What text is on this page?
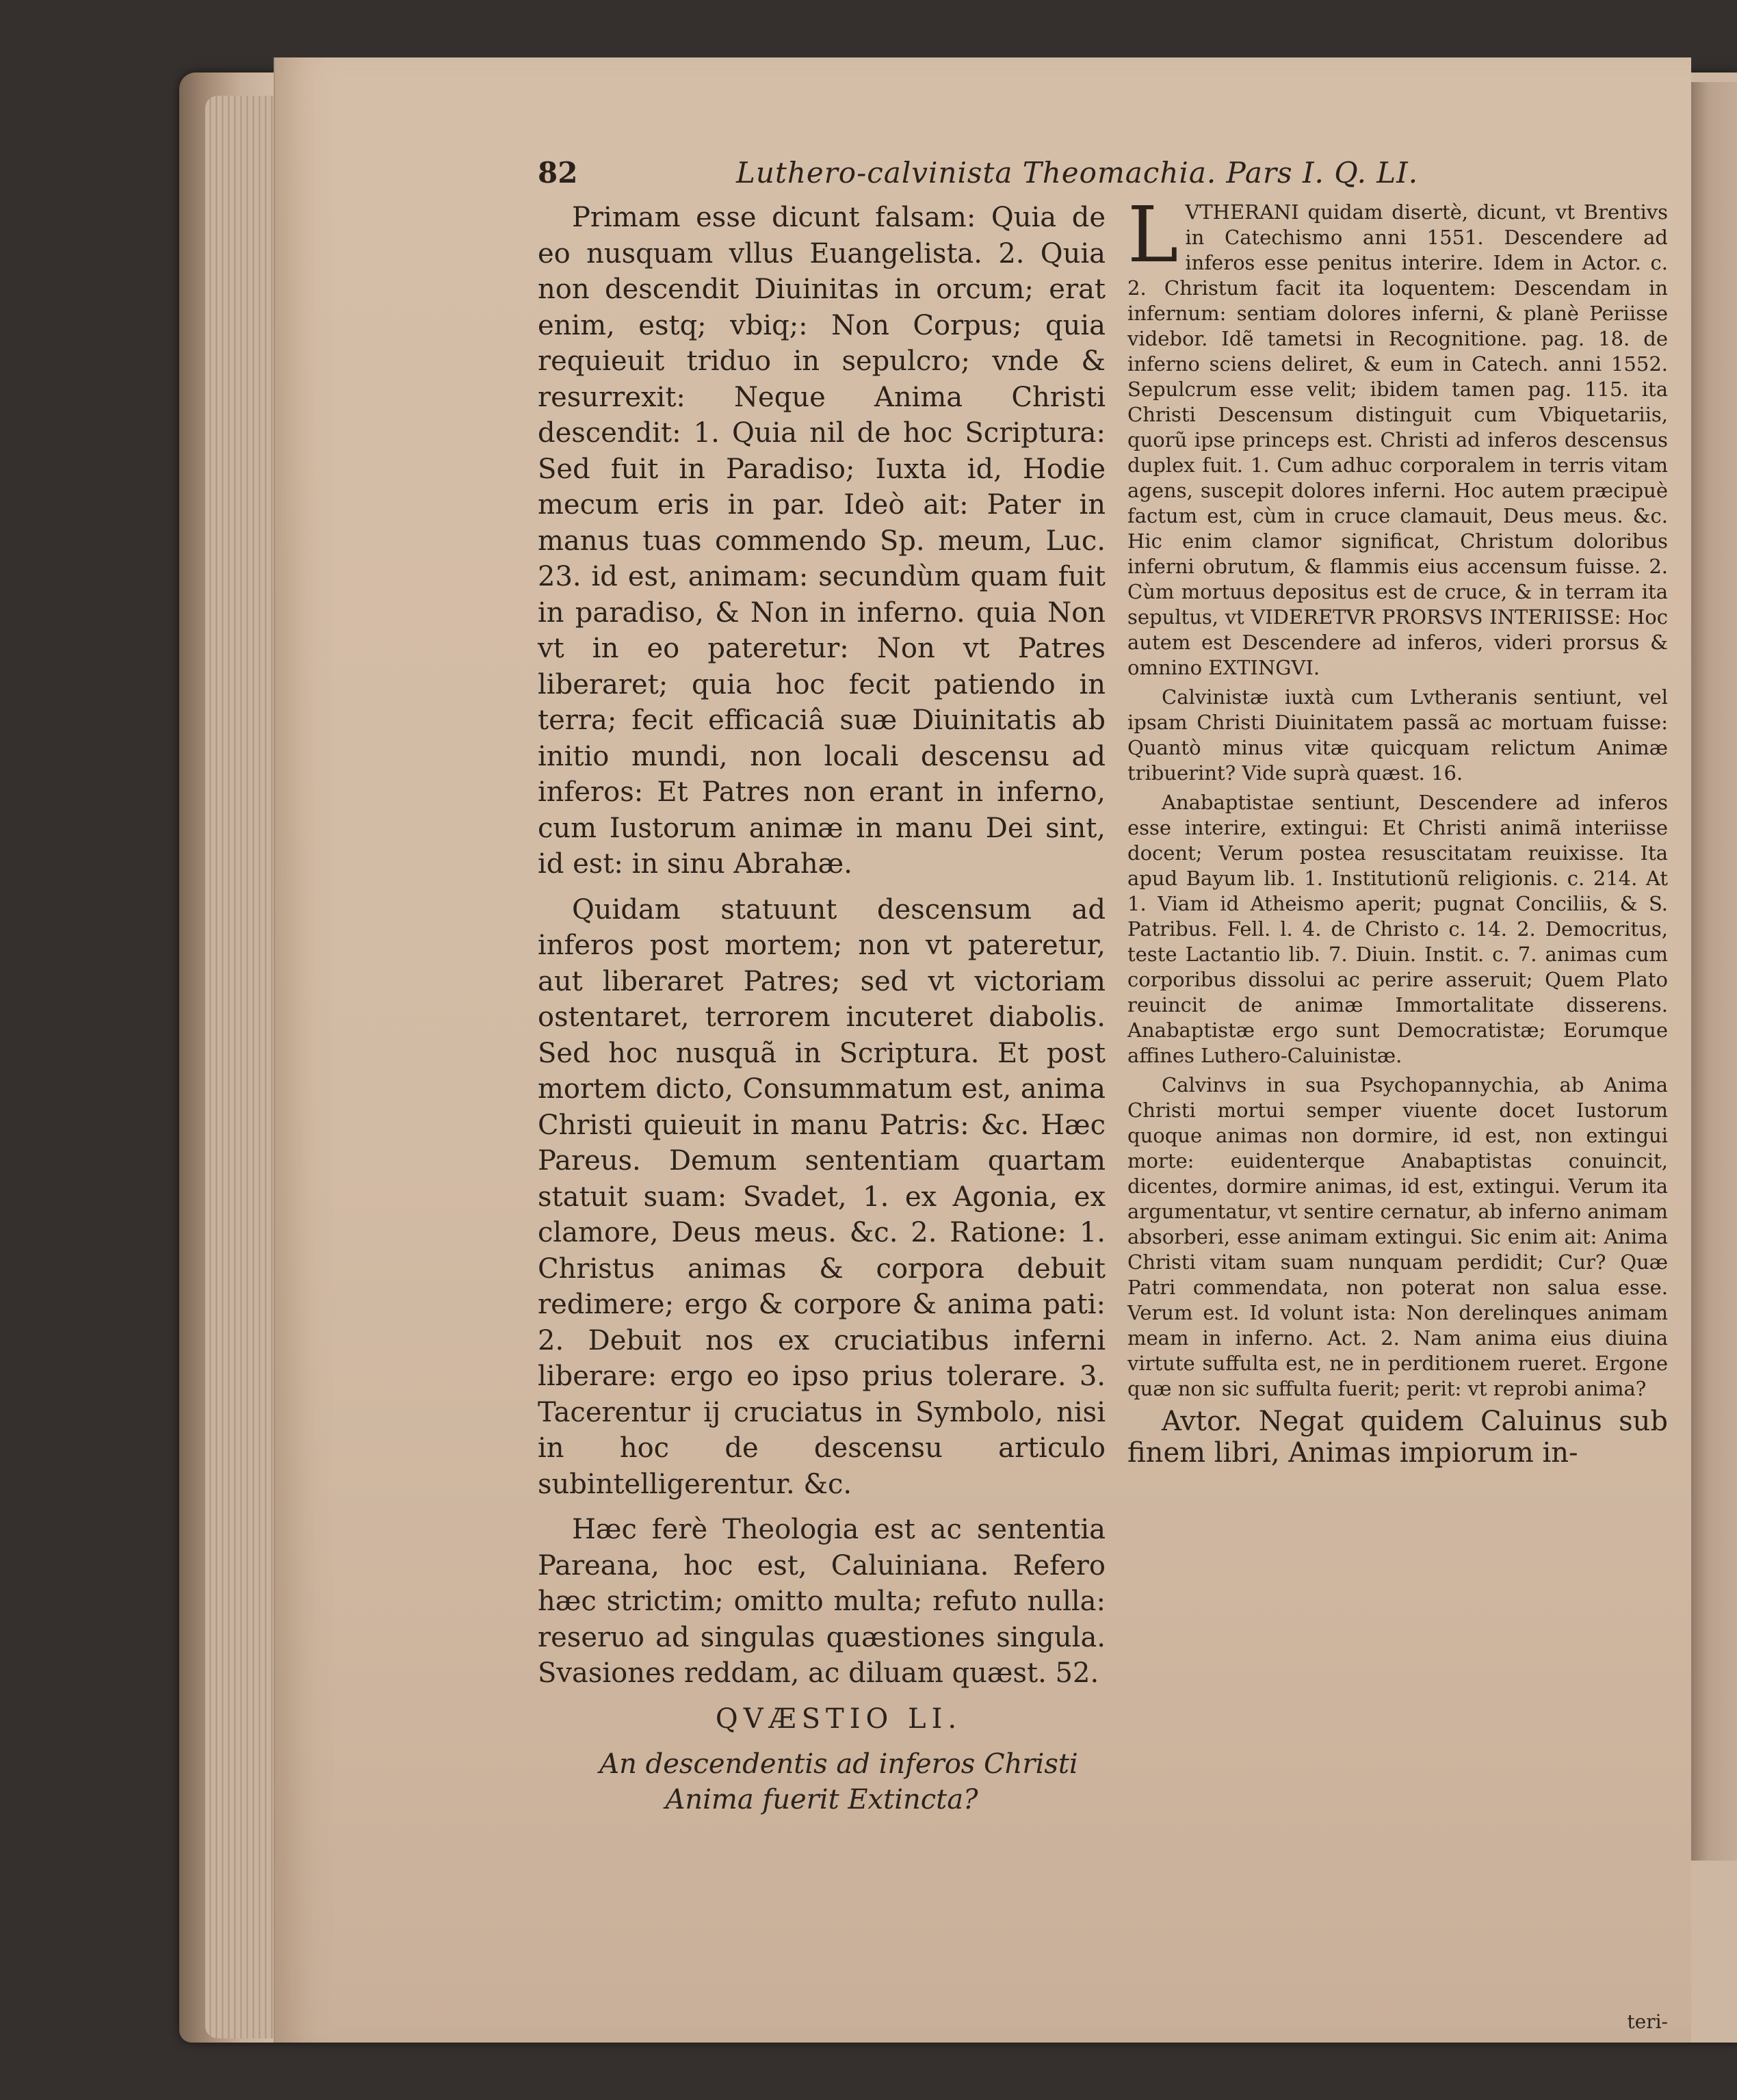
82	Luthero-calvinista Theomachia. Pars I. Q. LI.

Primam esse dicunt falsam: Quia de eo nusquam vllus Euangelista. 2. Quia non descendit Diuinitas in orcum; erat enim, estq; vbiq;: Non Corpus; quia requieuit triduo in sepulcro; vnde & resurrexit: Neque Anima Christi descendit: 1. Quia nil de hoc Scriptura: Sed fuit in Paradiso; Iuxta id, Hodie mecum eris in par. Ideò ait: Pater in manus tuas commendo Sp. meum, Luc. 23. id est, animam: secundùm quam fuit in paradiso, & Non in inferno. quia Non vt in eo pateretur: Non vt Patres liberaret; quia hoc fecit patiendo in terra; fecit efficaciâ suæ Diuinitatis ab initio mundi, non locali descensu ad inferos: Et Patres non erant in inferno, cum Iustorum animæ in manu Dei sint, id est: in sinu Abrahæ.

Quidam statuunt descensum ad inferos post mortem; non vt pateretur, aut liberaret Patres; sed vt victoriam ostentaret, terrorem incuteret diabolis. Sed hoc nusquã in Scriptura. Et post mortem dicto, Consummatum est, anima Christi quieuit in manu Patris: &c. Hæc Pareus. Demum sententiam quartam statuit suam: Svadet, 1. ex Agonia, ex clamore, Deus meus. &c. 2. Ratione: 1. Christus animas & corpora debuit redimere; ergo & corpore & anima pati: 2. Debuit nos ex cruciatibus inferni liberare: ergo eo ipso prius tolerare. 3. Tacerentur ij cruciatus in Symbolo, nisi in hoc de descensu articulo subintelligerentur. &c.

Hæc ferè Theologia est ac sententia Pareana, hoc est, Caluiniana. Refero hæc strictim; omitto multa; refuto nulla: reseruo ad singulas quæstiones singula. Svasiones reddam, ac diluam quæst. 52.

QVÆSTIO LI.

An descendentis ad inferos Christi Anima fuerit Extincta?

LVTHERANI quidam disertè, dicunt, vt Brentivs in Catechismo anni 1551. Descendere ad inferos esse penitus interire. Idem in Actor. c. 2. Christum facit ita loquentem: Descendam in infernum: sentiam dolores inferni, & planè Periisse videbor. Idẽ tametsi in Recognitione. pag. 18. de inferno sciens deliret, & eum in Catech. anni 1552. Sepulcrum esse velit; ibidem tamen pag. 115. ita Christi Descensum distinguit cum Vbiquetariis, quorũ ipse princeps est. Christi ad inferos descensus duplex fuit. 1. Cum adhuc corporalem in terris vitam agens, suscepit dolores inferni. Hoc autem præcipuè factum est, cùm in cruce clamauit, Deus meus. &c. Hic enim clamor significat, Christum doloribus inferni obrutum, & flammis eius accensum fuisse. 2. Cùm mortuus depositus est de cruce, & in terram ita sepultus, vt VIDERETVR PRORSVS INTERIISSE: Hoc autem est Descendere ad inferos, videri prorsus & omnino EXTINGVI.

Calvinistæ iuxtà cum Lvtheranis sentiunt, vel ipsam Christi Diuinitatem passã ac mortuam fuisse: Quantò minus vitæ quicquam relictum Animæ tribuerint? Vide suprà quæst. 16.

Anabaptistae sentiunt, Descendere ad inferos esse interire, extingui: Et Christi animã interiisse docent; Verum postea resuscitatam reuixisse. Ita apud Bayum lib. 1. Institutionũ religionis. c. 214. At 1. Viam id Atheismo aperit; pugnat Conciliis, & S. Patribus. Fell. l. 4. de Christo c. 14. 2. Democritus, teste Lactantio lib. 7. Diuin. Instit. c. 7. animas cum corporibus dissolui ac perire asseruit; Quem Plato reuincit de animæ Immortalitate disserens. Anabaptistæ ergo sunt Democratistæ; Eorumque affines Luthero-Caluinistæ.

Calvinvs in sua Psychopannychia, ab Anima Christi mortui semper viuente docet Iustorum quoque animas non dormire, id est, non extingui morte: euidenterque Anabaptistas conuincit, dicentes, dormire animas, id est, extingui. Verum ita argumentatur, vt sentire cernatur, ab inferno animam absorberi, esse animam extingui. Sic enim ait: Anima Christi vitam suam nunquam perdidit; Cur? Quæ Patri commendata, non poterat non salua esse. Verum est. Id volunt ista: Non derelinques animam meam in inferno. Act. 2. Nam anima eius diuina virtute suffulta est, ne in perditionem rueret. Ergone quæ non sic suffulta fuerit; perit: vt reprobi anima?

Avtor. Negat quidem Caluinus sub finem libri, Animas impiorum in-

teri-
